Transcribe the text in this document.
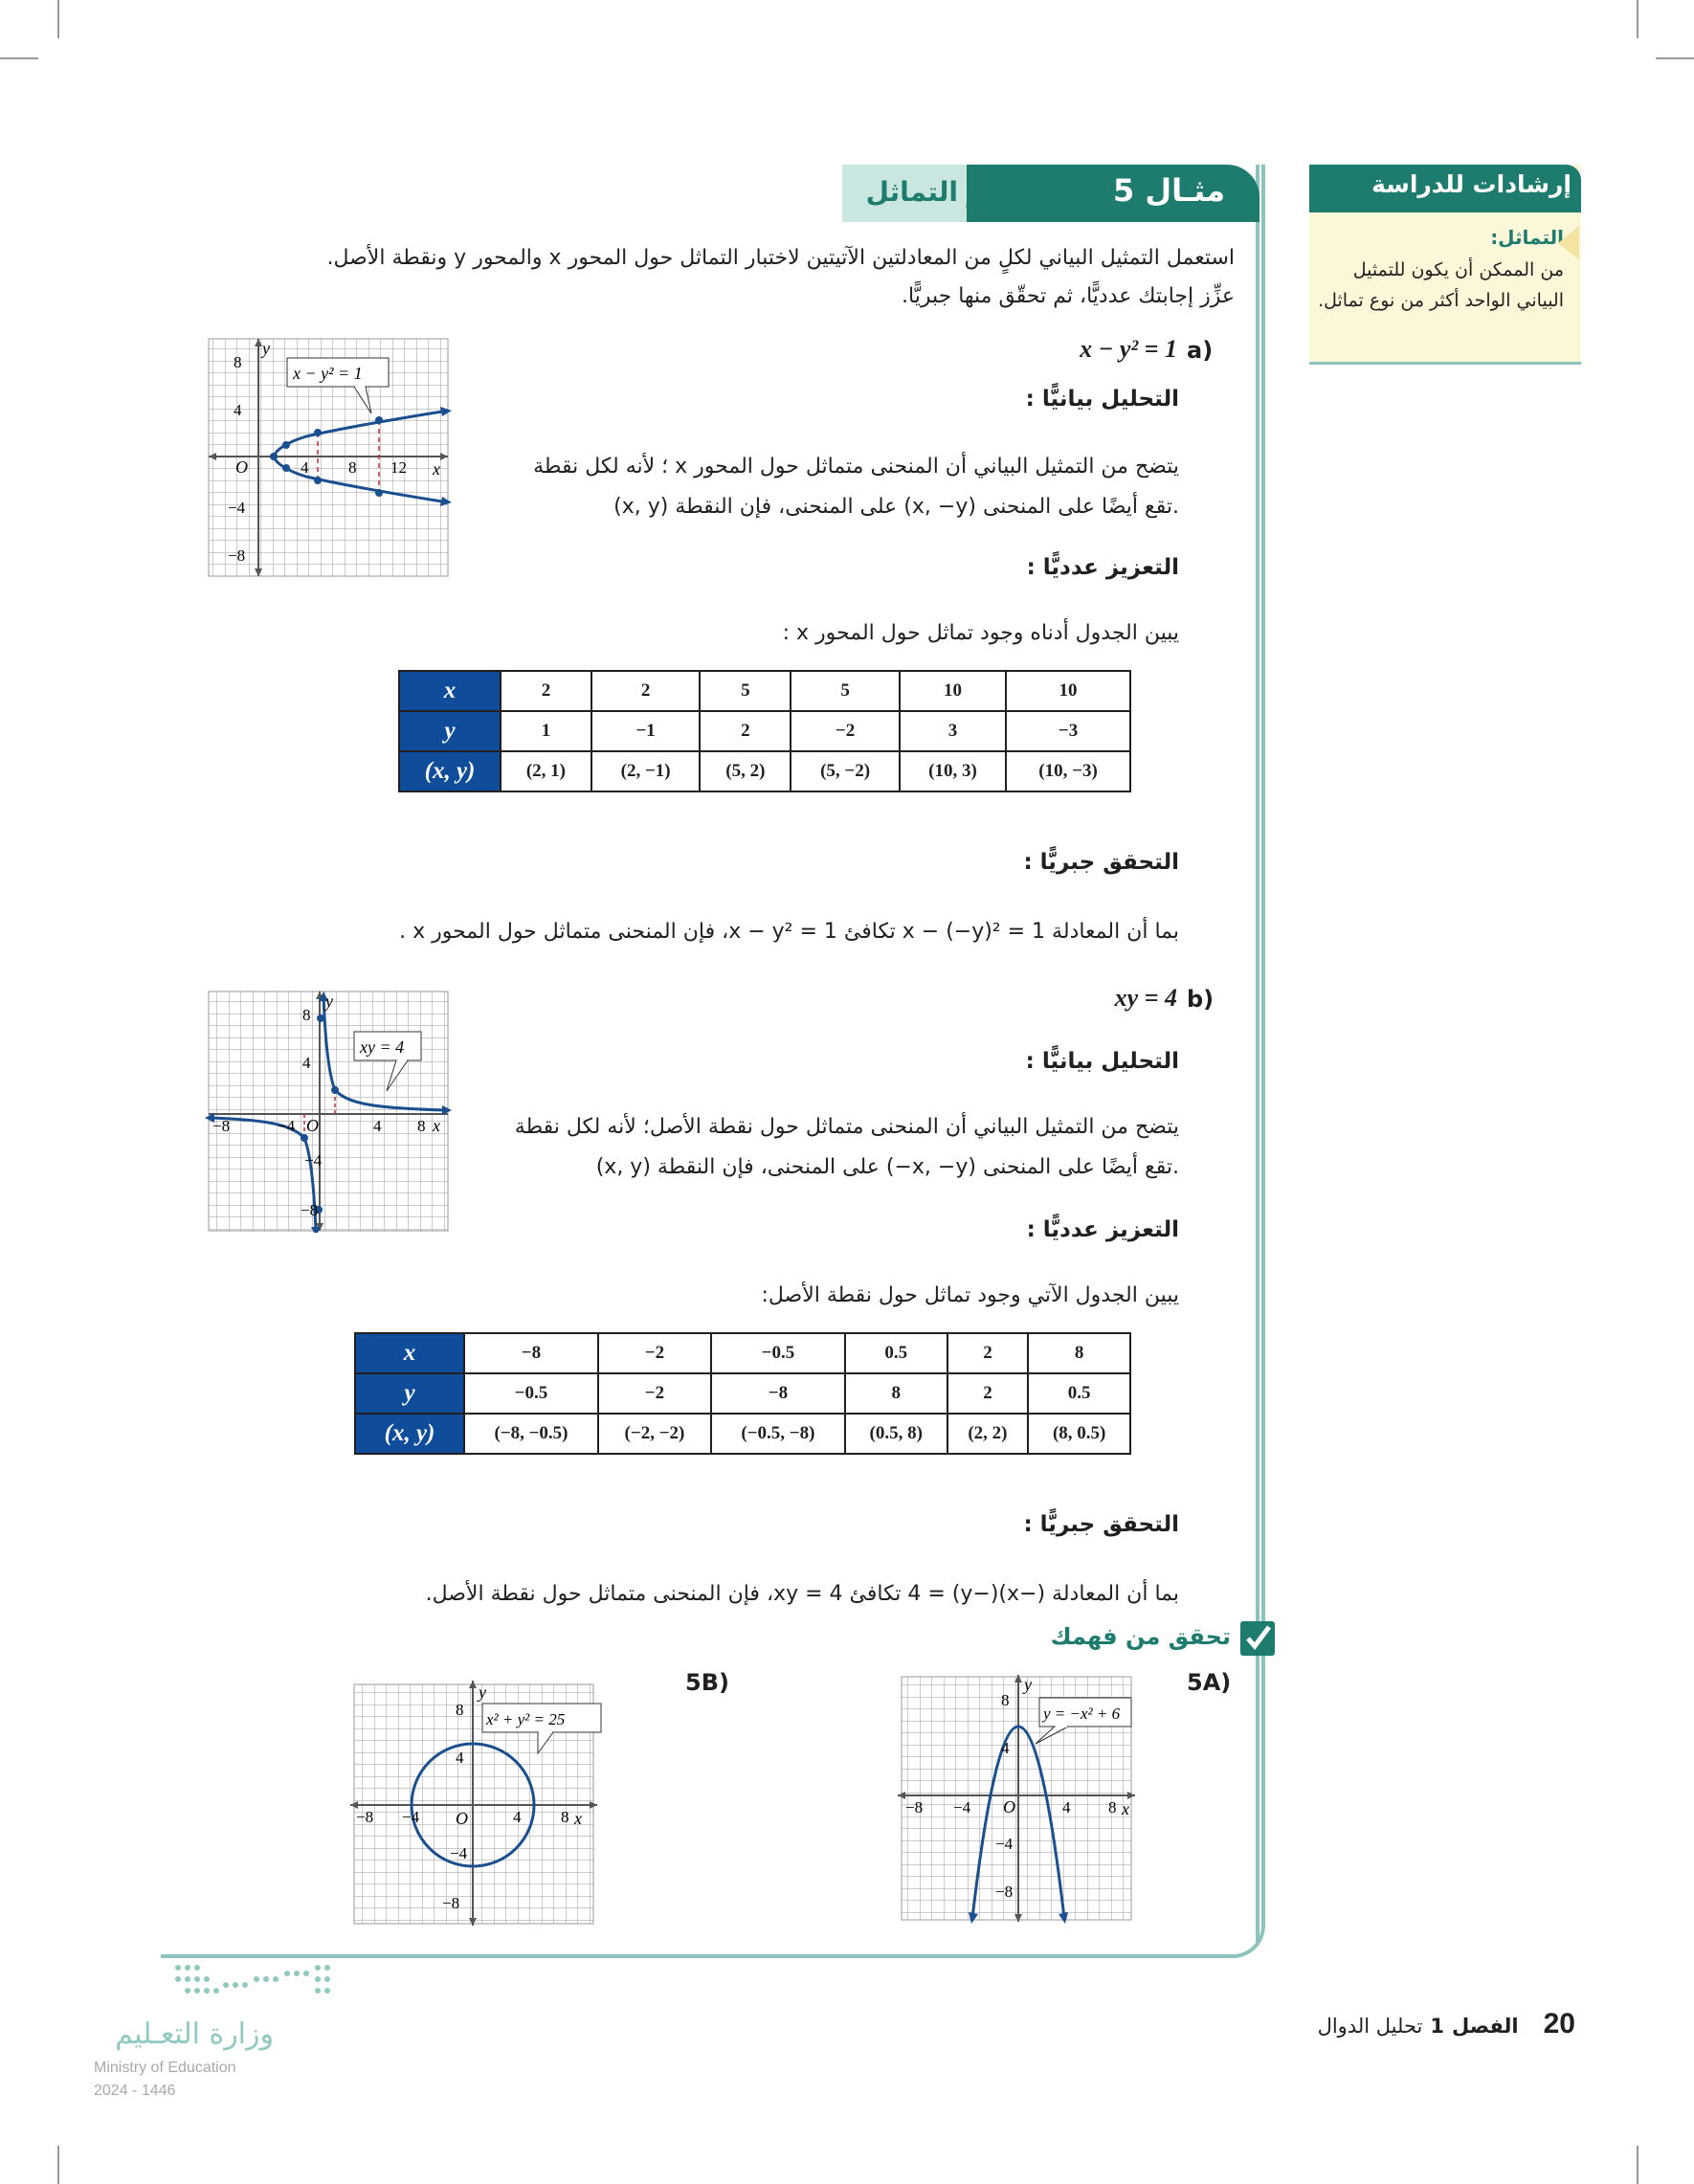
إرشادات للدراسة
التماثل:
من الممكن أن يكون للتمثيل البياني الواحد أكثر من نوع تماثل.
مثـال 5
اختبار التماثل
استعمل التمثيل البياني لكلٍ من المعادلتين الآتيتين لاختبار التماثل حول المحور x والمحور y ونقطة الأصل.
عزِّز إجابتك عدديًّا، ثم تحقّق منها جبريًّا.
a)
x − y² = 1
التحليل بيانيًّا :
يتضح من التمثيل البياني أن المنحنى متماثل حول المحور x ؛ لأنه لكل نقطة
(x, y) على المنحنى، فإن النقطة (x, −y) تقع أيضًا على المنحنى.
التعزيز عدديًّا :
يبين الجدول أدناه وجود تماثل حول المحور x :
x − y² = 1
8
4
O
−4
−8
4 8 12 x
y
x	2	2	5	5	10	10
y	1	−1	2	−2	3	−3
(x, y)	(2, 1)	(2, −1)	(5, 2)	(5, −2)	(10, 3)	(10, −3)
التحقق جبريًّا :
بما أن المعادلة x − (−y)² = 1 تكافئ x − y² = 1، فإن المنحنى متماثل حول المحور x .
b)
xy = 4
التحليل بيانيًّا :
يتضح من التمثيل البياني أن المنحنى متماثل حول نقطة الأصل؛ لأنه لكل نقطة
(x, y) على المنحنى، فإن النقطة (−x, −y) تقع أيضًا على المنحنى.
التعزيز عدديًّا :
يبين الجدول الآتي وجود تماثل حول نقطة الأصل:
xy = 4
8
4
O
−8	−4
−4
−8
4 8 x
y
x	−8	−2	−0.5	0.5	2	8
y	−0.5	−2	−8	8	2	0.5
(x, y)	(−8, −0.5)	(−2, −2)	(−0.5, −8)	(0.5, 8)	(2, 2)	(8, 0.5)
التحقق جبريًّا :
بما أن المعادلة (−x)(−y) = 4 تكافئ xy = 4، فإن المنحنى متماثل حول نقطة الأصل.
تحقق من فهمك
5A)
5B)
y = −x² + 6
8
4
O
−8 −4
−4
−8
4 8 x
y
x² + y² = 25
8
4
O
−8 −4
−4
−8
4 8 x
y
وزارة التعـليم
Ministry of Education
2024 - 1446
20
الفصل
1
تحليل الدوال
